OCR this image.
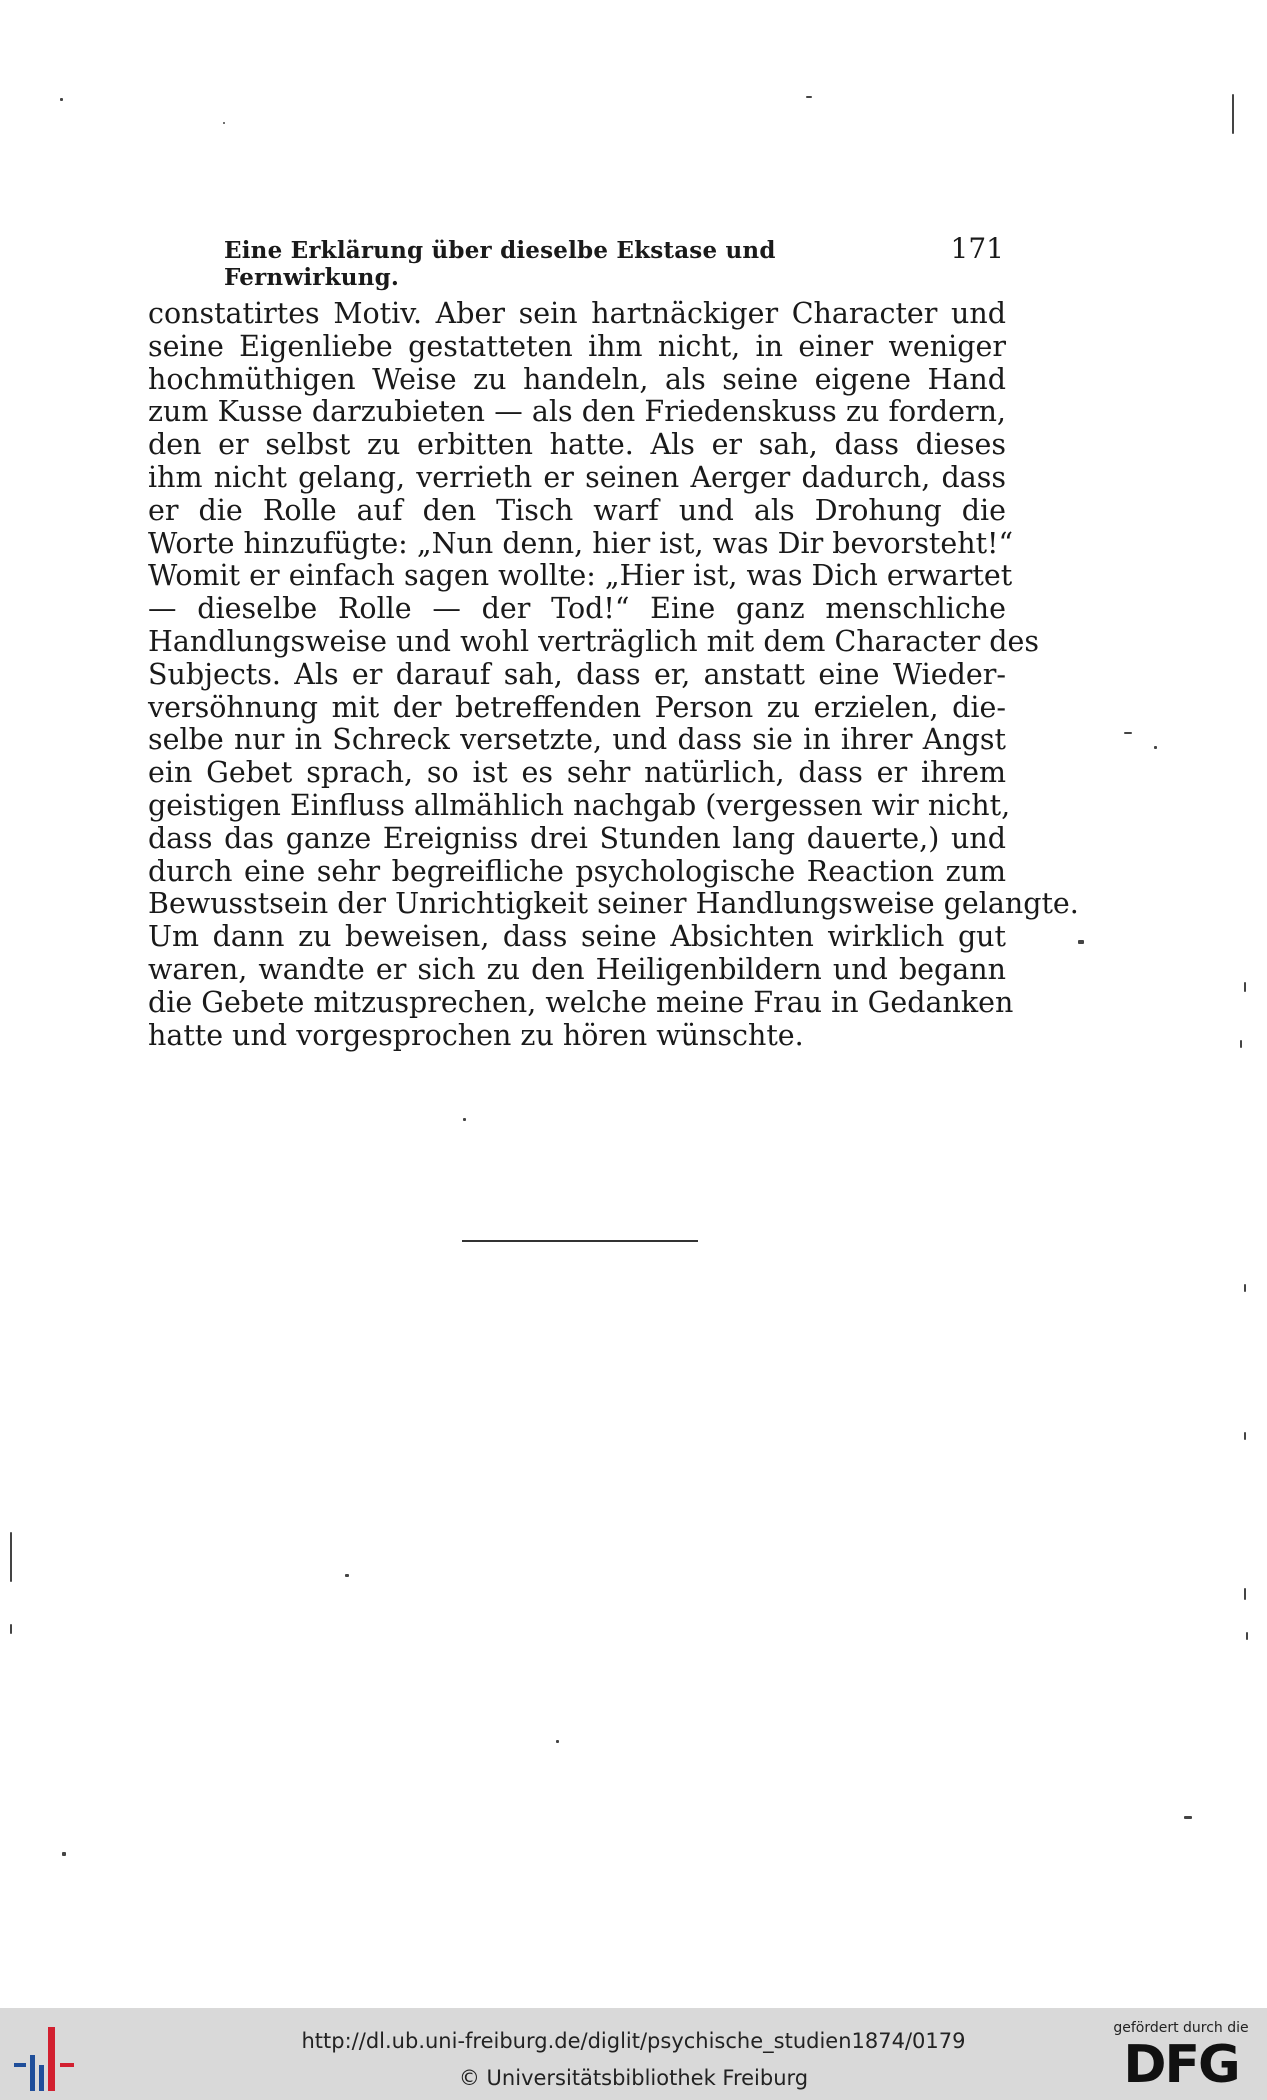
Eine Erklärung über dieselbe Ekstase und Fernwirkung.
171
constatirtes Motiv. Aber sein hartnäckiger Character und
seine Eigenliebe gestatteten ihm nicht, in einer weniger
hochmüthigen Weise zu handeln, als seine eigene Hand
zum Kusse darzubieten — als den Friedenskuss zu fordern,
den er selbst zu erbitten hatte. Als er sah, dass dieses
ihm nicht gelang, verrieth er seinen Aerger dadurch, dass
er die Rolle auf den Tisch warf und als Drohung die
Worte hinzufügte: „Nun denn, hier ist, was Dir bevorsteht!“
Womit er einfach sagen wollte: „Hier ist, was Dich erwartet
— dieselbe Rolle — der Tod!“ Eine ganz menschliche
Handlungsweise und wohl verträglich mit dem Character des
Subjects. Als er darauf sah, dass er, anstatt eine Wieder-
versöhnung mit der betreffenden Person zu erzielen, die-
selbe nur in Schreck versetzte, und dass sie in ihrer Angst
ein Gebet sprach, so ist es sehr natürlich, dass er ihrem
geistigen Einfluss allmählich nachgab (vergessen wir nicht,
dass das ganze Ereigniss drei Stunden lang dauerte,) und
durch eine sehr begreifliche psychologische Reaction zum
Bewusstsein der Unrichtigkeit seiner Handlungsweise gelangte.
Um dann zu beweisen, dass seine Absichten wirklich gut
waren, wandte er sich zu den Heiligenbildern und begann
die Gebete mitzusprechen, welche meine Frau in Gedanken
hatte und vorgesprochen zu hören wünschte.
http://dl.ub.uni-freiburg.de/diglit/psychische_studien1874/0179
© Universitätsbibliothek Freiburg
gefördert durch die
DFG
